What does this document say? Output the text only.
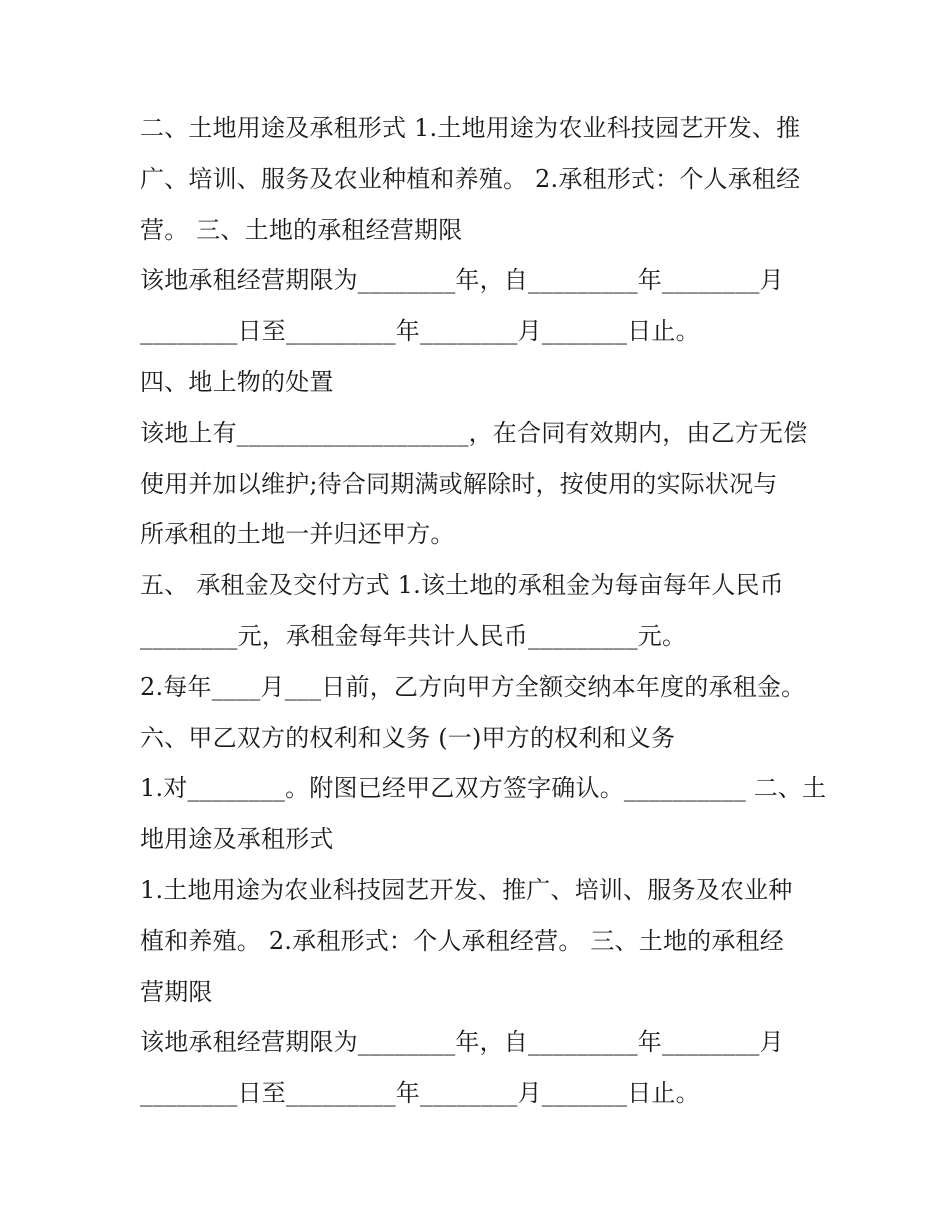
二、土地用途及承租形式 1.土地用途为农业科技园艺开发、推
广、培训、服务及农业种植和养殖。 2.承租形式：个人承租经
营。 三、土地的承租经营期限
该地承租经营期限为________年，自_________年________月
________日至_________年________月_______日止。
四、地上物的处置
该地上有___________________，在合同有效期内，由乙方无偿
使用并加以维护;待合同期满或解除时，按使用的实际状况与
所承租的土地一并归还甲方。
五、 承租金及交付方式 1.该土地的承租金为每亩每年人民币
________元，承租金每年共计人民币_________元。
2.每年____月___日前，乙方向甲方全额交纳本年度的承租金。
六、甲乙双方的权利和义务 (一)甲方的权利和义务
1.对________。附图已经甲乙双方签字确认。__________ 二、土
地用途及承租形式
1.土地用途为农业科技园艺开发、推广、培训、服务及农业种
植和养殖。 2.承租形式：个人承租经营。 三、土地的承租经
营期限
该地承租经营期限为________年，自_________年________月
________日至_________年________月_______日止。
